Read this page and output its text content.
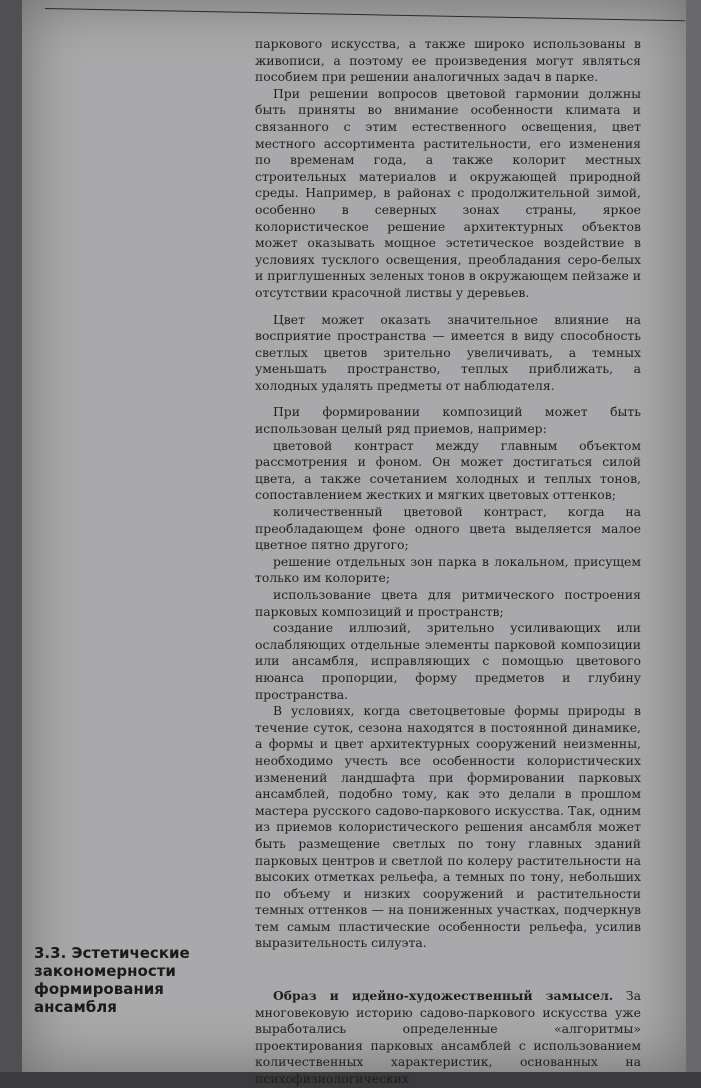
паркового искусства, а также широко использованы в живописи, а поэтому ее произведения могут являться пособием при решении аналогичных задач в парке.

При решении вопросов цветовой гармонии должны быть приняты во внимание особенности климата и связанного с этим естественного освещения, цвет местного ассортимента растительности, его изменения по временам года, а также колорит местных строительных материалов и окружающей природной среды. Например, в районах с продолжительной зимой, особенно в северных зонах страны, яркое колористическое решение архитектурных объектов может оказывать мощное эстетическое воздействие в условиях тусклого освещения, преобладания серо-белых и приглушенных зеленых тонов в окружающем пейзаже и отсутствии красочной листвы у деревьев.

Цвет может оказать значительное влияние на восприятие пространства — имеется в виду способность светлых цветов зрительно увеличивать, а темных уменьшать пространство, теплых приближать, а холодных удалять предметы от наблюдателя.

При формировании композиций может быть использован целый ряд приемов, например:

цветовой контраст между главным объектом рассмотрения и фоном. Он может достигаться силой цвета, а также сочетанием холодных и теплых тонов, сопоставлением жестких и мягких цветовых оттенков;

количественный цветовой контраст, когда на преобладающем фоне одного цвета выделяется малое цветное пятно другого;

решение отдельных зон парка в локальном, присущем только им колорите;

использование цвета для ритмического построения парковых композиций и пространств;

создание иллюзий, зрительно усиливающих или ослабляющих отдельные элементы парковой композиции или ансамбля, исправляющих с помощью цветового нюанса пропорции, форму предметов и глубину пространства.

В условиях, когда светоцветовые формы природы в течение суток, сезона находятся в постоянной динамике, а формы и цвет архитектурных сооружений неизменны, необходимо учесть все особенности колористических изменений ландшафта при формировании парковых ансамблей, подобно тому, как это делали в прошлом мастера русского садово-паркового искусства. Так, одним из приемов колористического решения ансамбля может быть размещение светлых по тону главных зданий парковых центров и светлой по колеру растительности на высоких отметках рельефа, а темных по тону, небольших по объему и низких сооружений и растительности темных оттенков — на пониженных участках, подчеркнув тем самым пластические особенности рельефа, усилив выразительность силуэта.

Образ и идейно-художественный замысел. За многовековую историю садово-паркового искусства уже выработались определенные «алгоритмы» проектирования парковых ансамблей с использованием количественных характеристик, основанных на психофизиологических

3.3. Эстетические закономерности формирования ансамбля
